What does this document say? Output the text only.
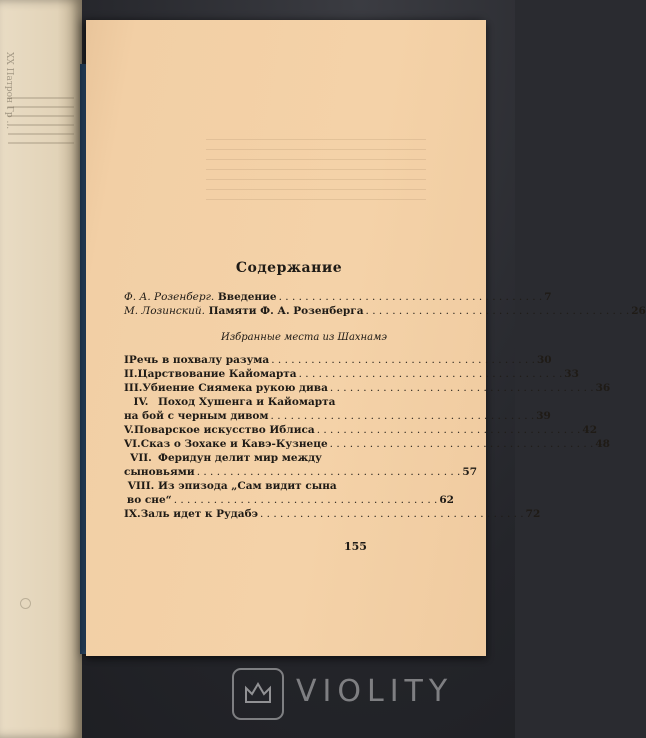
XX Патрон Гр ...
Содержание
Ф. А. Розенберг. Введение . . .	7
М. Лозинский. Памяти Ф. А. Розенберга . . .	26
Избранные места из Шахнамэ
I Речь в похвалу разума . . .	30
II. Царствование Кайомарта . . .	33
III. Убиение Сиямека рукою дива . . .	36
IV. Поход Хушенга и Кайомарта
на бой с черным дивом . . .	39
V. Поварское искусство Иблиса . . .	42
VI. Сказ о Зохаке и Кавэ-Кузнеце . . .	48
VII. Феридун делит мир между
сыновьями . . .	57
VIII. Из эпизода „Сам видит сына
во сне“ . . .	62
IX. Заль идет к Рудабэ . . .	72
155
VIOLITY
